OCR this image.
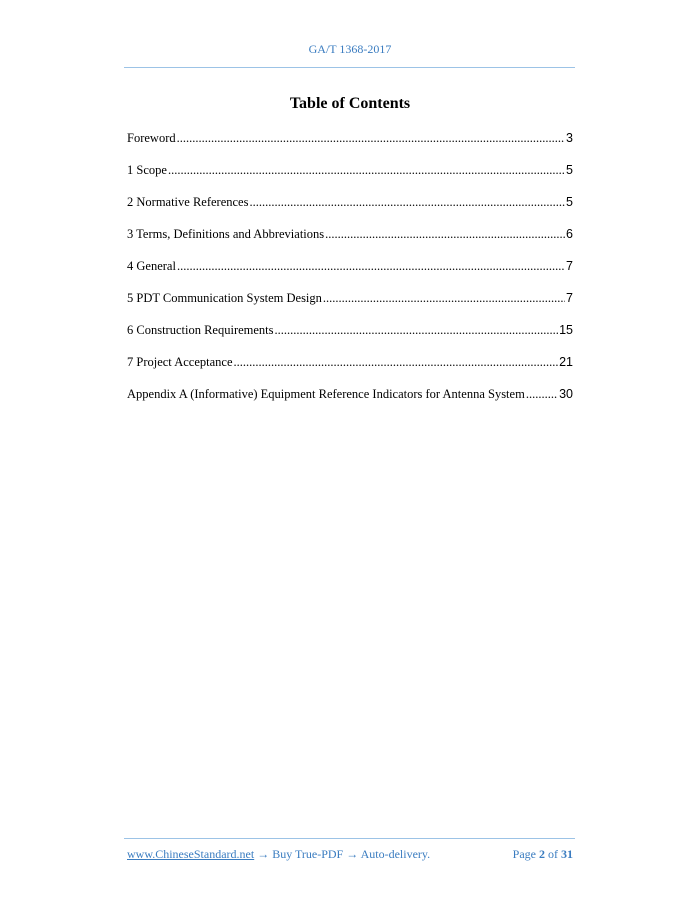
GA/T 1368-2017
Table of Contents
Foreword .....	3
1 Scope .....	5
2 Normative References .....	5
3 Terms, Definitions and Abbreviations .....	6
4 General .....	7
5 PDT Communication System Design .....	7
6 Construction Requirements .....	15
7 Project Acceptance .....	21
Appendix A (Informative) Equipment Reference Indicators for Antenna System .....	30
www.ChineseStandard.net → Buy True-PDF → Auto-delivery.	Page 2 of 31
